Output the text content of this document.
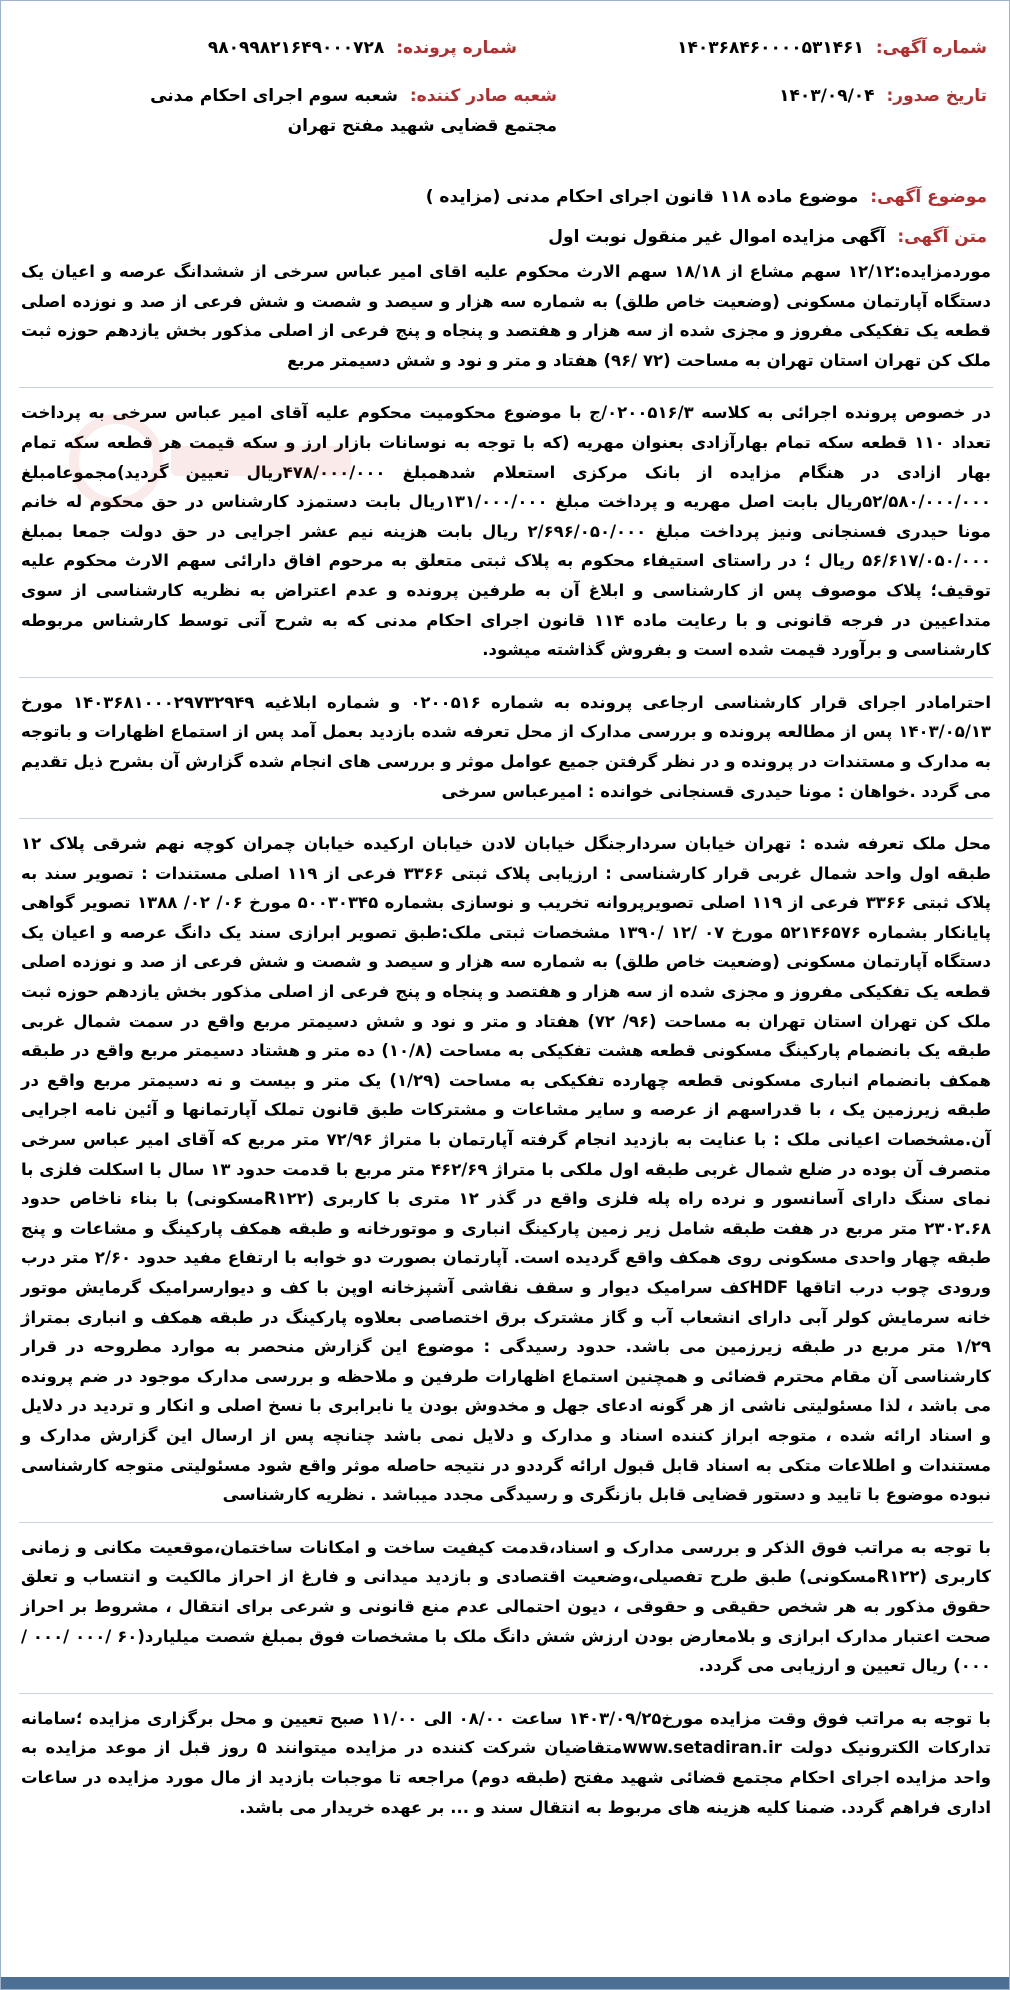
شماره آگهی: ۱۴۰۳۶۸۴۶۰۰۰۰۵۳۱۴۶۱
شماره پرونده: ۹۸۰۹۹۸۲۱۶۴۹۰۰۰۷۲۸
تاریخ صدور: ۱۴۰۳/۰۹/۰۴
شعبه صادر کننده: شعبه سوم اجرای احکام مدنی مجتمع قضایی شهید مفتح تهران
موضوع آگهی: موضوع ماده ۱۱۸ قانون اجرای احکام مدنی (مزایده )
متن آگهی: آگهی مزایده اموال غیر منقول نوبت اول
موردمزایده:۱۲/۱۲ سهم مشاع از ۱۸/۱۸ سهم الارث محکوم علیه اقای امیر عباس سرخی از ششدانگ عرصه و اعیان یک دستگاه آپارتمان مسکونی (وضعیت خاص طلق) به شماره سه هزار و سیصد و شصت و شش فرعی از صد و نوزده اصلی قطعه یک تفکیکی مفروز و مجزی شده از سه هزار و هفتصد و پنجاه و پنج فرعی از اصلی مذکور بخش یازدهم حوزه ثبت ملک کن تهران استان تهران به مساحت (۷۲ /۹۶) هفتاد و متر و نود و شش دسیمتر مربع
در خصوص پرونده اجرائی به کلاسه ۰۲۰۰۵۱۶/۳/ج با موضوع محکومیت محکوم علیه آقای امیر عباس سرخی به پرداخت تعداد ۱۱۰ قطعه سکه تمام بهارآزادی بعنوان مهریه (که با توجه به نوسانات بازار ارز و سکه قیمت هر قطعه سکه تمام بهار ازادی در هنگام مزایده از بانک مرکزی استعلام شدهمبلغ ۴۷۸/۰۰۰/۰۰۰ریال تعیین گردید)مجموعامبلغ ۵۲/۵۸۰/۰۰۰/۰۰۰ریال بابت اصل مهریه و پرداخت مبلغ ۱۳۱/۰۰۰/۰۰۰ریال بابت دستمزد کارشناس در حق محکوم له خانم مونا حیدری فسنجانی ونیز پرداخت مبلغ ۲/۶۹۶/۰۵۰/۰۰۰ ریال بابت هزینه نیم عشر اجرایی در حق دولت جمعا بمبلغ ۵۶/۶۱۷/۰۵۰/۰۰۰ ریال ؛ در راستای استیفاء محکوم به پلاک ثبتی متعلق به مرحوم افاق دارائی سهم الارث محکوم علیه توقیف؛ پلاک موصوف پس از کارشناسی و ابلاغ آن به طرفین پرونده و عدم اعتراض به نظریه کارشناسی از سوی متداعیین در فرجه قانونی و با رعایت ماده ۱۱۴ قانون اجرای احکام مدنی که به شرح آتی توسط کارشناس مربوطه کارشناسی و برآورد قیمت شده است و بفروش گذاشته میشود.
احترامادر اجرای قرار کارشناسی ارجاعی پرونده به شماره ۰۲۰۰۵۱۶ و شماره ابلاغیه ۱۴۰۳۶۸۱۰۰۰۲۹۷۳۲۹۴۹ مورخ ۱۴۰۳/۰۵/۱۳ پس از مطالعه پرونده و بررسی مدارک از محل تعرفه شده بازدید بعمل آمد پس از استماع اظهارات و باتوجه به مدارک و مستندات در پرونده و در نظر گرفتن جمیع عوامل موثر و بررسی های انجام شده گزارش آن بشرح ذیل تقدیم می گردد .خواهان : مونا حیدری قسنجانی خوانده : امیرعباس سرخی
محل ملک تعرفه شده : تهران خیابان سردارجنگل خیابان لادن خیابان ارکیده خیابان چمران کوچه نهم شرقی پلاک ۱۲ طبقه اول واحد شمال غربی قرار کارشناسی : ارزیابی پلاک ثبتی ۳۳۶۶ فرعی از ۱۱۹ اصلی مستندات : تصویر سند به پلاک ثبتی ۳۳۶۶ فرعی از ۱۱۹ اصلی تصویرپروانه تخریب و نوسازی بشماره ۵۰۰۳۰۳۴۵ مورخ ۰۶/ ۰۲/ ۱۳۸۸ تصویر گواهی پایانکار بشماره ۵۲۱۴۶۵۷۶ مورخ ۰۷ /۱۲ /۱۳۹۰ مشخصات ثبتی ملک:طبق تصویر ابرازی سند یک دانگ عرصه و اعیان یک دستگاه آپارتمان مسکونی (وضعیت خاص طلق) به شماره سه هزار و سیصد و شصت و شش فرعی از صد و نوزده اصلی قطعه یک تفکیکی مفروز و مجزی شده از سه هزار و هفتصد و پنجاه و پنج فرعی از اصلی مذکور بخش یازدهم حوزه ثبت ملک کن تهران استان تهران به مساحت (۹۶/ ۷۲) هفتاد و متر و نود و شش دسیمتر مربع واقع در سمت شمال غربی طبقه یک بانضمام پارکینگ مسکونی قطعه هشت تفکیکی به مساحت (۱۰/۸) ده متر و هشتاد دسیمتر مربع واقع در طبقه همکف بانضمام انباری مسکونی قطعه چهارده تفکیکی به مساحت (۱/۲۹) یک متر و بیست و نه دسیمتر مربع واقع در طبقه زیرزمین یک ، با قدراسهم از عرصه و سایر مشاعات و مشترکات طبق قانون تملک آپارتمانها و آئین نامه اجرایی آن.مشخصات اعیانی ملک : با عنایت به بازدید انجام گرفته آپارتمان با متراژ ۷۲/۹۶ متر مربع که آقای امیر عباس سرخی متصرف آن بوده در ضلع شمال غربی طبقه اول ملکی با متراژ ۴۶۲/۶۹ متر مربع با قدمت حدود ۱۳ سال با اسکلت فلزی با نمای سنگ دارای آسانسور و نرده راه پله فلزی واقع در گذر ۱۲ متری با کاربری (R۱۲۲مسکونی) با بناء ناخاص حدود ۲۳۰۲.۶۸ متر مربع در هفت طبقه شامل زیر زمین پارکینگ انباری و موتورخانه و طبقه همکف پارکینگ و مشاعات و پنج طبقه چهار واحدی مسکونی روی همکف واقع گردیده است. آپارتمان بصورت دو خوابه با ارتفاع مفید حدود ۲/۶۰ متر درب ورودی چوب درب اتاقها HDFکف سرامیک دیوار و سقف نقاشی آشپزخانه اوپن با کف و دیوارسرامیک گرمایش موتور خانه سرمایش کولر آبی دارای انشعاب آب و گاز مشترک برق اختصاصی بعلاوه پارکینگ در طبقه همکف و انباری بمتراژ ۱/۲۹ متر مربع در طبقه زیرزمین می باشد. حدود رسیدگی : موضوع این گزارش منحصر به موارد مطروحه در قرار کارشناسی آن مقام محترم قضائی و همچنین استماع اظهارات طرفین و ملاحظه و بررسی مدارک موجود در ضم پرونده می باشد ، لذا مسئولیتی ناشی از هر گونه ادعای جهل و مخدوش بودن یا نابرابری با نسخ اصلی و انکار و تردید در دلایل و اسناد ارائه شده ، متوجه ابراز کننده اسناد و مدارک و دلایل نمی باشد چنانچه پس از ارسال این گزارش مدارک و مستندات و اطلاعات متکی به اسناد قابل قبول ارائه گرددو در نتیجه حاصله موثر واقع شود مسئولیتی متوجه کارشناسی نبوده موضوع با تایید و دستور قضایی قابل بازنگری و رسیدگی مجدد میباشد . نظریه کارشناسی
با توجه به مراتب فوق الذکر و بررسی مدارک و اسناد،قدمت کیفیت ساخت و امکانات ساختمان،موقعیت مکانی و زمانی کاربری (R۱۲۲مسکونی) طبق طرح تفصیلی،وضعیت اقتصادی و بازدید میدانی و فارغ از احراز مالکیت و انتساب و تعلق حقوق مذکور به هر شخص حقیقی و حقوقی ، دیون احتمالی عدم منع قانونی و شرعی برای انتقال ، مشروط بر احراز صحت اعتبار مدارک ابرازی و بلامعارض بودن ارزش شش دانگ ملک با مشخصات فوق بمبلغ شصت میلیارد(۶۰ /۰۰۰ /۰۰۰ /۰۰۰) ریال تعیین و ارزیابی می گردد.
با توجه به مراتب فوق وقت مزایده مورخ۱۴۰۳/۰۹/۲۵ ساعت ۰۸/۰۰ الی ۱۱/۰۰ صبح تعیین و محل برگزاری مزایده ؛سامانه تدارکات الکترونیک دولت www.setadiran.irمتقاضیان شرکت کننده در مزایده میتوانند ۵ روز قبل از موعد مزایده به واحد مزایده اجرای احکام مجتمع قضائی شهید مفتح (طبقه دوم) مراجعه تا موجبات بازدید از مال مورد مزایده در ساعات اداری فراهم گردد. ضمنا کلیه هزینه های مربوط به انتقال سند و ... بر عهده خریدار می باشد.
